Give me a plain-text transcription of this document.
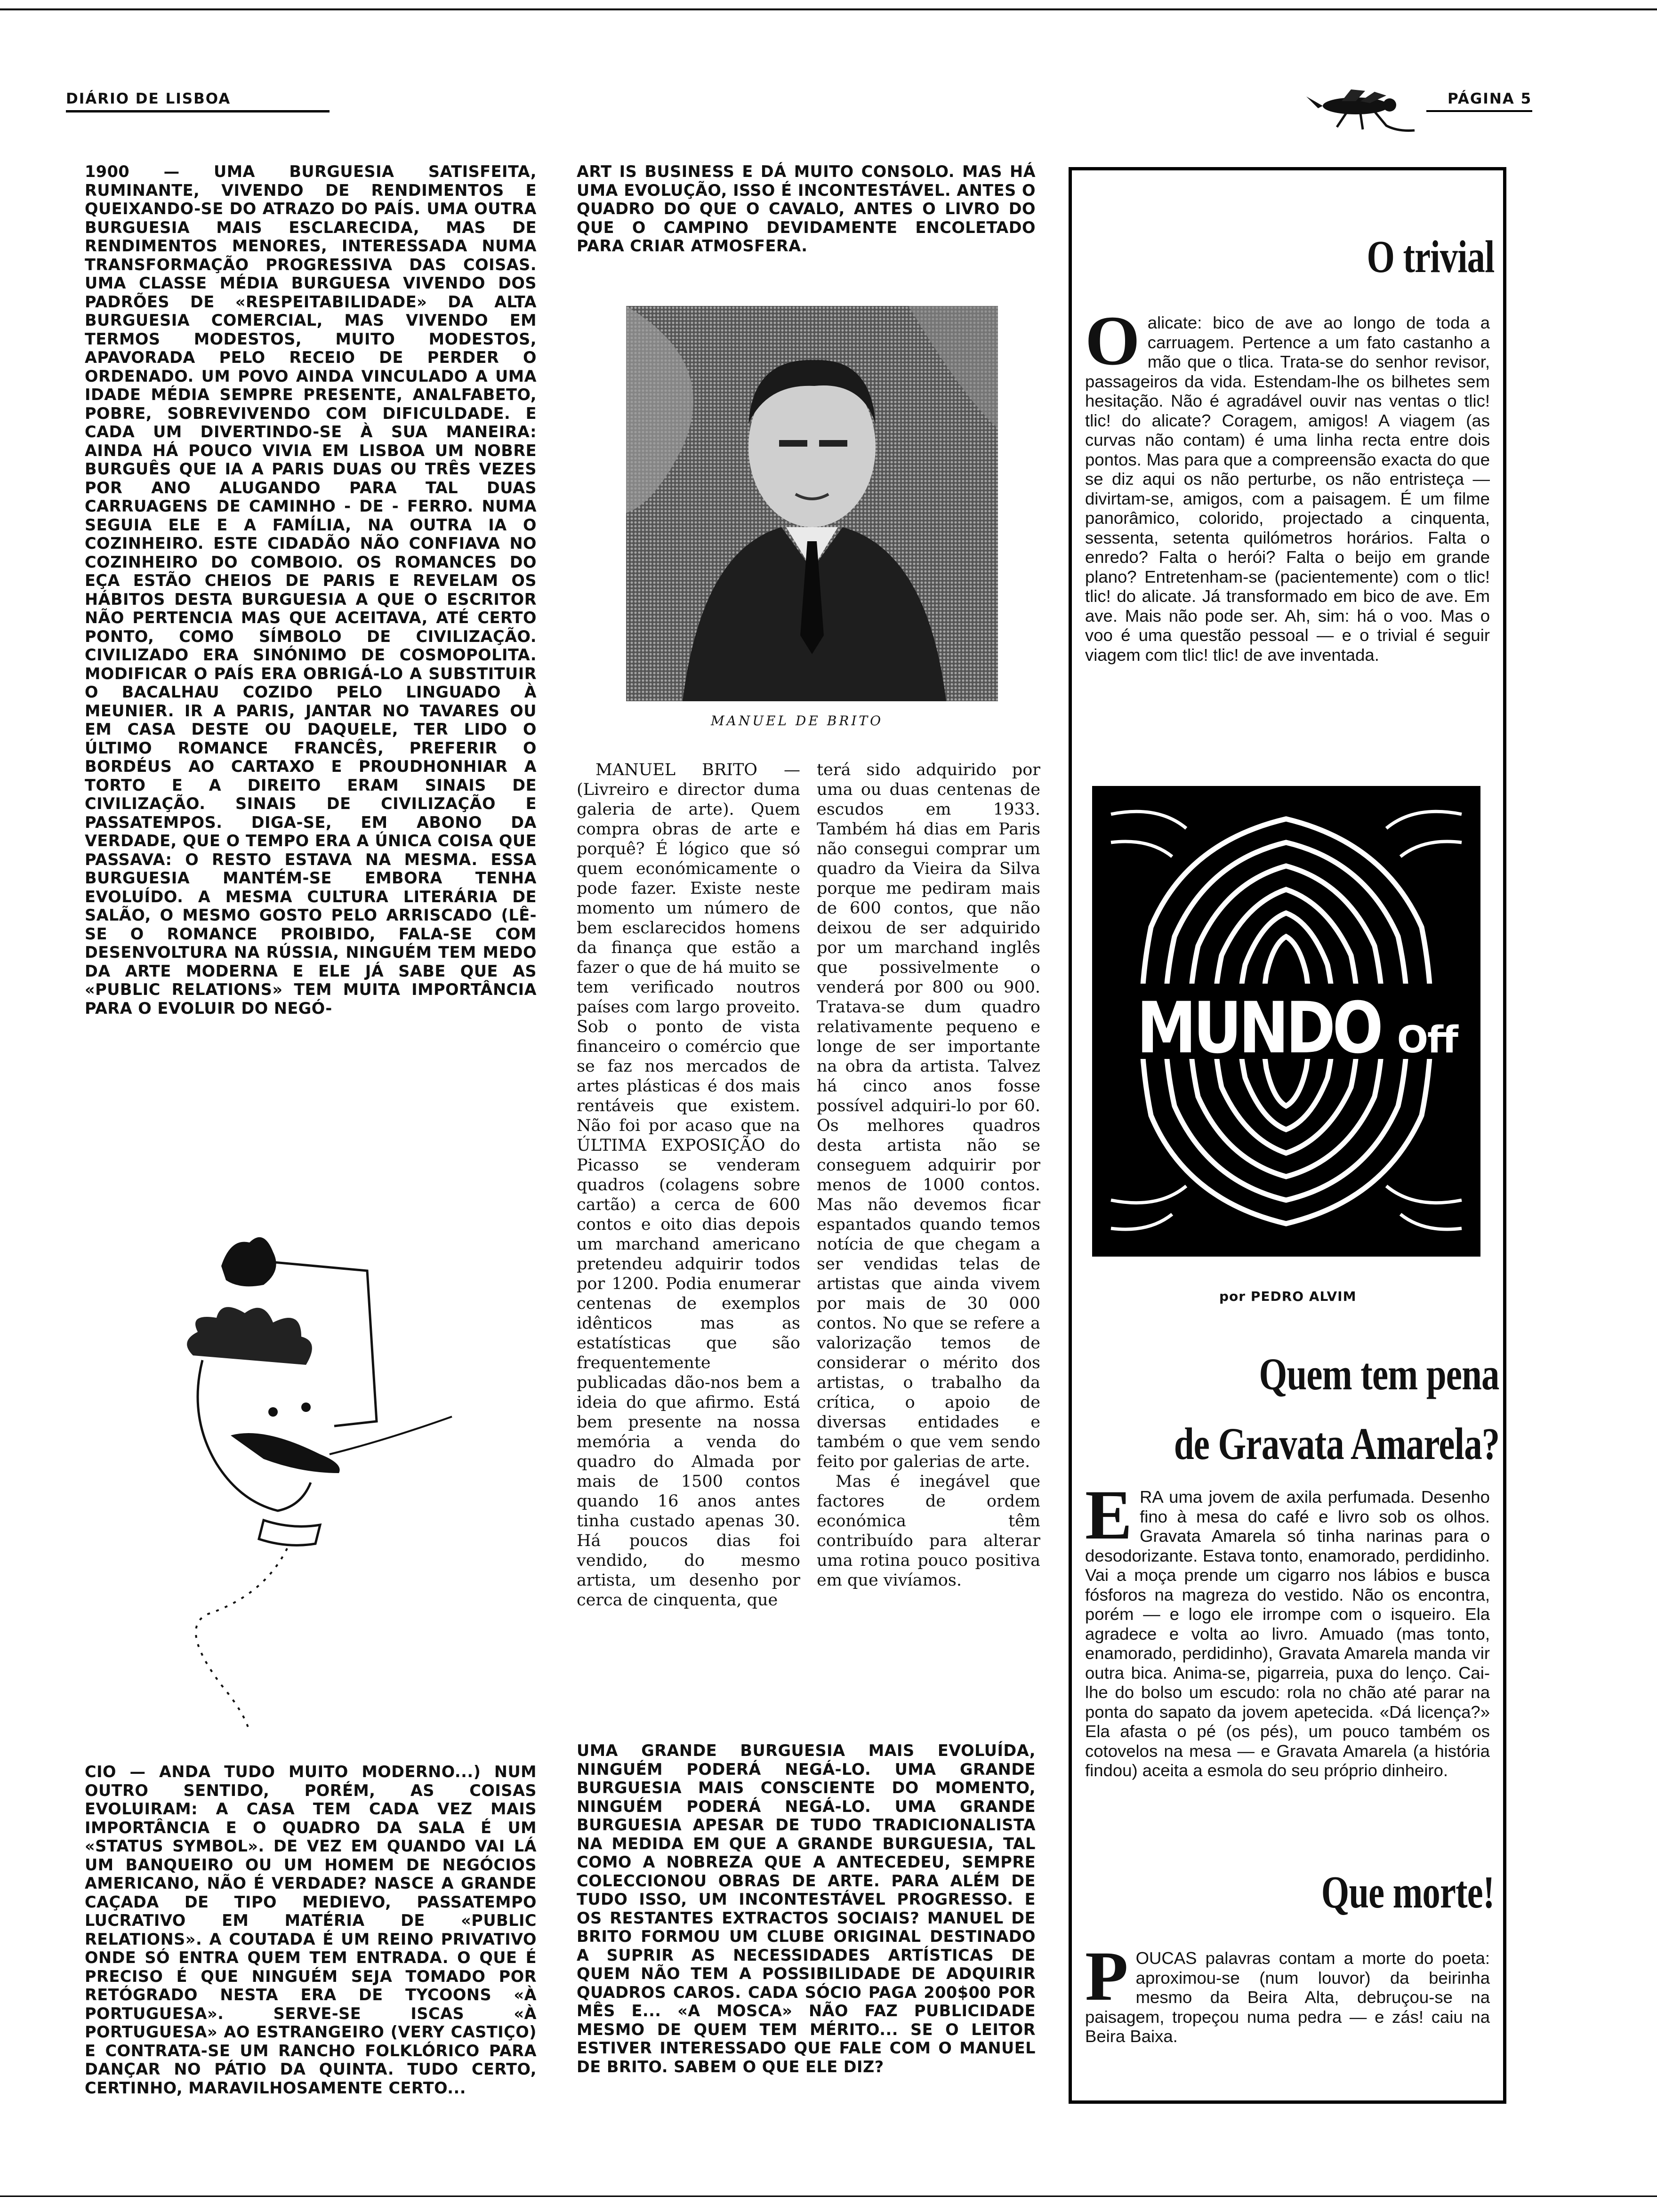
DIÁRIO DE LISBOA	PÁGINA 5

1900 — UMA BURGUESIA SATISFEITA, RUMINANTE, VIVENDO DE RENDIMENTOS E QUEIXANDO-SE DO ATRAZO DO PAÍS. UMA OUTRA BURGUESIA MAIS ESCLARECIDA, MAS DE RENDIMENTOS MENORES, INTERESSADA NUMA TRANSFORMAÇÃO PROGRESSIVA DAS COISAS. UMA CLASSE MÉDIA BURGUESA VIVENDO DOS PADRÕES DE «RESPEITABILIDADE» DA ALTA BURGUESIA COMERCIAL, MAS VIVENDO EM TERMOS MODESTOS, MUITO MODESTOS, APAVORADA PELO RECEIO DE PERDER O ORDENADO. UM POVO AINDA VINCULADO A UMA IDADE MÉDIA SEMPRE PRESENTE, ANALFABETO, POBRE, SOBREVIVENDO COM DIFICULDADE. E CADA UM DIVERTINDO-SE À SUA MANEIRA: AINDA HÁ POUCO VIVIA EM LISBOA UM NOBRE BURGUÊS QUE IA A PARIS DUAS OU TRÊS VEZES POR ANO ALUGANDO PARA TAL DUAS CARRUAGENS DE CAMINHO - DE - FERRO. NUMA SEGUIA ELE E A FAMÍLIA, NA OUTRA IA O COZINHEIRO. ESTE CIDADÃO NÃO CONFIAVA NO COZINHEIRO DO COMBOIO. OS ROMANCES DO EÇA ESTÃO CHEIOS DE PARIS E REVELAM OS HÁBITOS DESTA BURGUESIA A QUE O ESCRITOR NÃO PERTENCIA MAS QUE ACEITAVA, ATÉ CERTO PONTO, COMO SÍMBOLO DE CIVILIZAÇÃO. CIVILIZADO ERA SINÓNIMO DE COSMOPOLITA. MODIFICAR O PAÍS ERA OBRIGÁ-LO A SUBSTITUIR O BACALHAU COZIDO PELO LINGUADO À MEUNIER. IR A PARIS, JANTAR NO TAVARES OU EM CASA DESTE OU DAQUELE, TER LIDO O ÚLTIMO ROMANCE FRANCÊS, PREFERIR O BORDÉUS AO CARTAXO E PROUDHONHIAR A TORTO E A DIREITO ERAM SINAIS DE CIVILIZAÇÃO. SINAIS DE CIVILIZAÇÃO E PASSATEMPOS. DIGA-SE, EM ABONO DA VERDADE, QUE O TEMPO ERA A ÚNICA COISA QUE PASSAVA: O RESTO ESTAVA NA MESMA. ESSA BURGUESIA MANTÉM-SE EMBORA TENHA EVOLUÍDO. A MESMA CULTURA LITERÁRIA DE SALÃO, O MESMO GOSTO PELO ARRISCADO (LÊ-SE O ROMANCE PROIBIDO, FALA-SE COM DESENVOLTURA NA RÚSSIA, NINGUÉM TEM MEDO DA ARTE MODERNA E ELE JÁ SABE QUE AS «PUBLIC RELATIONS» TEM MUITA IMPORTÂNCIA PARA O EVOLUIR DO NEGÓ-

CIO — ANDA TUDO MUITO MODERNO...) NUM OUTRO SENTIDO, PORÉM, AS COISAS EVOLUIRAM: A CASA TEM CADA VEZ MAIS IMPORTÂNCIA E O QUADRO DA SALA É UM «STATUS SYMBOL». DE VEZ EM QUANDO VAI LÁ UM BANQUEIRO OU UM HOMEM DE NEGÓCIOS AMERICANO, NÃO É VERDADE? NASCE A GRANDE CAÇADA DE TIPO MEDIEVO, PASSATEMPO LUCRATIVO EM MATÉRIA DE «PUBLIC RELATIONS». A COUTADA É UM REINO PRIVATIVO ONDE SÓ ENTRA QUEM TEM ENTRADA. O QUE É PRECISO É QUE NINGUÉM SEJA TOMADO POR RETÓGRADO NESTA ERA DE TYCOONS «À PORTUGUESA». SERVE-SE ISCAS «À PORTUGUESA» AO ESTRANGEIRO (VERY CASTIÇO) E CONTRATA-SE UM RANCHO FOLKLÓRICO PARA DANÇAR NO PÁTIO DA QUINTA. TUDO CERTO, CERTINHO, MARAVILHOSAMENTE CERTO...

ART IS BUSINESS E DÁ MUITO CONSOLO. MAS HÁ UMA EVOLUÇÃO, ISSO É INCONTESTÁVEL. ANTES O QUADRO DO QUE O CAVALO, ANTES O LIVRO DO QUE O CAMPINO DEVIDAMENTE ENCOLETADO PARA CRIAR ATMOSFERA.

MANUEL DE BRITO

MANUEL BRITO —(Livreiro e director duma galeria de arte). Quem compra obras de arte e porquê? É lógico que só quem económicamente o pode fazer. Existe neste momento um número de bem esclarecidos homens da finança que estão a fazer o que de há muito se tem verificado noutros países com largo proveito. Sob o ponto de vista financeiro o comércio que se faz nos mercados de artes plásticas é dos mais rentáveis que existem. Não foi por acaso que na ÚLTIMA EXPOSIÇÃO do Picasso se venderam quadros (colagens sobre cartão) a cerca de 600 contos e oito dias depois um marchand americano pretendeu adquirir todos por 1200. Podia enumerar centenas de exemplos idênticos mas as estatísticas que são frequentemente publicadas dão-nos bem a ideia do que afirmo. Está bem presente na nossa memória a venda do quadro do Almada por mais de 1500 contos quando 16 anos antes tinha custado apenas 30. Há poucos dias foi vendido, do mesmo artista, um desenho por cerca de cinquenta, que

terá sido adquirido por uma ou duas centenas de escudos em 1933. Também há dias em Paris não consegui comprar um quadro da Vieira da Silva porque me pediram mais de 600 contos, que não deixou de ser adquirido por um marchand inglês que possivelmente o venderá por 800 ou 900. Tratava-se dum quadro relativamente pequeno e longe de ser importante na obra da artista. Talvez há cinco anos fosse possível adquiri-lo por 60. Os melhores quadros desta artista não se conseguem adquirir por menos de 1000 contos. Mas não devemos ficar espantados quando temos notícia de que chegam a ser vendidas telas de artistas que ainda vivem por mais de 30 000 contos. No que se refere a valorização temos de considerar o mérito dos artistas, o trabalho da crítica, o apoio de diversas entidades e também o que vem sendo feito por galerias de arte.

Mas é inegável que factores de ordem económica têm contribuído para alterar uma rotina pouco positiva em que vivíamos.

UMA GRANDE BURGUESIA MAIS EVOLUÍDA, NINGUÉM PODERÁ NEGÁ-LO. UMA GRANDE BURGUESIA MAIS CONSCIENTE DO MOMENTO, NINGUÉM PODERÁ NEGÁ-LO. UMA GRANDE BURGUESIA APESAR DE TUDO TRADICIONALISTA NA MEDIDA EM QUE A GRANDE BURGUESIA, TAL COMO A NOBREZA QUE A ANTECEDEU, SEMPRE COLECCIONOU OBRAS DE ARTE. PARA ALÉM DE TUDO ISSO, UM INCONTESTÁVEL PROGRESSO. E OS RESTANTES EXTRACTOS SOCIAIS? MANUEL DE BRITO FORMOU UM CLUBE ORIGINAL DESTINADO A SUPRIR AS NECESSIDADES ARTÍSTICAS DE QUEM NÃO TEM A POSSIBILIDADE DE ADQUIRIR QUADROS CAROS. CADA SÓCIO PAGA 200$00 POR MÊS E... «A MOSCA» NÃO FAZ PUBLICIDADE MESMO DE QUEM TEM MÉRITO... SE O LEITOR ESTIVER INTERESSADO QUE FALE COM O MANUEL DE BRITO. SABEM O QUE ELE DIZ?

O trivial
O alicate: bico de ave ao longo de toda a carruagem. Pertence a um fato castanho a mão que o tlica. Trata-se do senhor revisor, passageiros da vida. Estendam-lhe os bilhetes sem hesitação. Não é agradável ouvir nas ventas o tlic! tlic! do alicate? Coragem, amigos! A viagem (as curvas não contam) é uma linha recta entre dois pontos. Mas para que a compreensão exacta do que se diz aqui os não perturbe, os não entristeça — divirtam-se, amigos, com a paisagem. É um filme panorâmico, colorido, projectado a cinquenta, sessenta, setenta quilómetros horários. Falta o enredo? Falta o herói? Falta o beijo em grande plano? Entretenham-se (pacientemente) com o tlic! tlic! do alicate. Já transformado em bico de ave. Em ave. Mais não pode ser. Ah, sim: há o voo. Mas o voo é uma questão pessoal — e o trivial é seguir viagem com tlic! tlic! de ave inventada.
MUNDO Off
por PEDRO ALVIM
Quem tem pena
de Gravata Amarela?
E RA uma jovem de axila perfumada. Desenho fino à mesa do café e livro sob os olhos. Gravata Amarela só tinha narinas para o desodorizante. Estava tonto, enamorado, perdidinho. Vai a moça prende um cigarro nos lábios e busca fósforos na magreza do vestido. Não os encontra, porém — e logo ele irrompe com o isqueiro. Ela agradece e volta ao livro. Amuado (mas tonto, enamorado, perdidinho), Gravata Amarela manda vir outra bica. Anima-se, pigarreia, puxa do lenço. Cai-lhe do bolso um escudo: rola no chão até parar na ponta do sapato da jovem apetecida. «Dá licença?» Ela afasta o pé (os pés), um pouco também os cotovelos na mesa — e Gravata Amarela (a história findou) aceita a esmola do seu próprio dinheiro.
Que morte!
P OUCAS palavras contam a morte do poeta: aproximou-se (num louvor) da beirinha mesmo da Beira Alta, debruçou-se na paisagem, tropeçou numa pedra — e zás! caiu na Beira Baixa.
